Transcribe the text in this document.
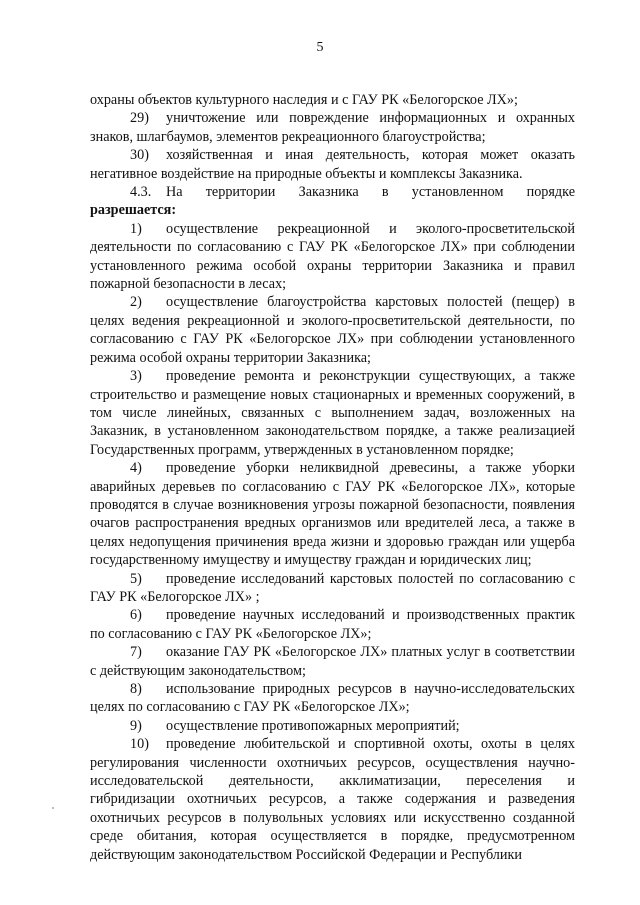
5

охраны объектов культурного наследия и с ГАУ РК «Белогорское ЛХ»;

29) уничтожение или повреждение информационных и охранных знаков, шлагбаумов, элементов рекреационного благоустройства;

30) хозяйственная и иная деятельность, которая может оказать негативное воздействие на природные объекты и комплексы Заказника.

4.3. На территории Заказника в установленном порядке

разрешается:

1) осуществление рекреационной и эколого-просветительской деятельности по согласованию с ГАУ РК «Белогорское ЛХ» при соблюдении установленного режима особой охраны территории Заказника и правил пожарной безопасности в лесах;

2) осуществление благоустройства карстовых полостей (пещер) в целях ведения рекреационной и эколого-просветительской деятельности, по согласованию с ГАУ РК «Белогорское ЛХ» при соблюдении установленного режима особой охраны территории Заказника;

3) проведение ремонта и реконструкции существующих, а также строительство и размещение новых стационарных и временных сооружений, в том числе линейных, связанных с выполнением задач, возложенных на Заказник, в установленном законодательством порядке, а также реализацией Государственных программ, утвержденных в установленном порядке;

4) проведение уборки неликвидной древесины, а также уборки аварийных деревьев по согласованию с ГАУ РК «Белогорское ЛХ», которые проводятся в случае возникновения угрозы пожарной безопасности, появления очагов распространения вредных организмов или вредителей леса, а также в целях недопущения причинения вреда жизни и здоровью граждан или ущерба государственному имуществу и имуществу граждан и юридических лиц;

5) проведение исследований карстовых полостей по согласованию с ГАУ РК «Белогорское ЛХ» ;

6) проведение научных исследований и производственных практик по согласованию с ГАУ РК «Белогорское ЛХ»;

7) оказание ГАУ РК «Белогорское ЛХ» платных услуг в соответствии с действующим законодательством;

8) использование природных ресурсов в научно-исследовательских целях по согласованию с ГАУ РК «Белогорское ЛХ»;

9) осуществление противопожарных мероприятий;

10) проведение любительской и спортивной охоты, охоты в целях регулирования численности охотничьих ресурсов, осуществления научно-исследовательской деятельности, акклиматизации, переселения и гибридизации охотничьих ресурсов, а также содержания и разведения охотничьих ресурсов в полувольных условиях или искусственно созданной среде обитания, которая осуществляется в порядке, предусмотренном действующим законодательством Российской Федерации и Республики
